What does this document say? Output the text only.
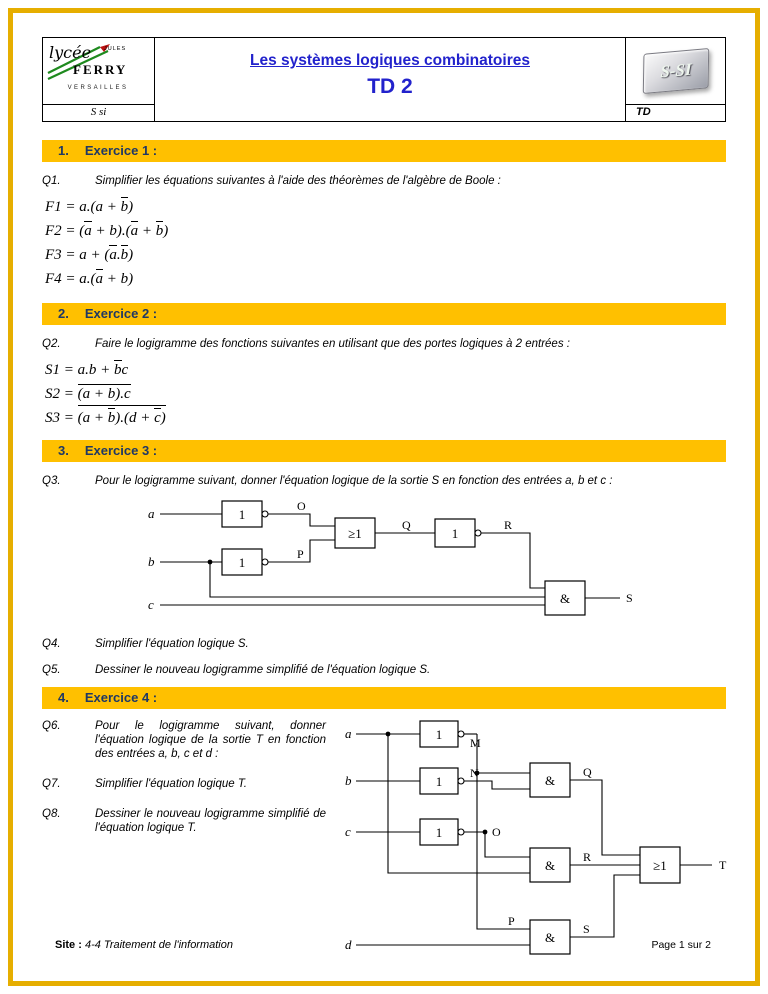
lycée JULES
FERRY
VERSAILLES
S si
Les systèmes logiques combinatoires
TD 2
S-SI
TD
1. Exercice 1 :
Q1.	Simplifier les équations suivantes à l'aide des théorèmes de l'algèbre de Boole :
F1 = a.(a + b)
F2 = (a + b).(a + b)
F3 = a + (a.b)
F4 = a.(a + b)
2. Exercice 2 :
Q2.	Faire le logigramme des fonctions suivantes en utilisant que des portes logiques à 2 entrées :
S1 = a.b + bc
S2 = (a + b).c
S3 = (a + b).(d + c)
3. Exercice 3 :
Q3.	Pour le logigramme suivant, donner l'équation logique de la sortie S en fonction des entrées a, b et c :
a
b
c
1
1
≥1	1
&
O
P
Q	R
S
Q4.	Simplifier l'équation logique S.
Q5.	Dessiner le nouveau logigramme simplifié de l'équation logique S.
4. Exercice 4 :
Q6.	Pour le logigramme suivant, donner l'équation logique de la sortie T en fonction des entrées a, b, c et d :
Q7.	Simplifier l'équation logique T.
Q8.	Dessiner le nouveau logigramme simplifié de l'équation logique T.
a
b
c
d
1
1
1
&
&
&
≥1
M
N
O
P
Q
R
S
T
Site : 4-4 Traitement de l'information	Page 1 sur 2
